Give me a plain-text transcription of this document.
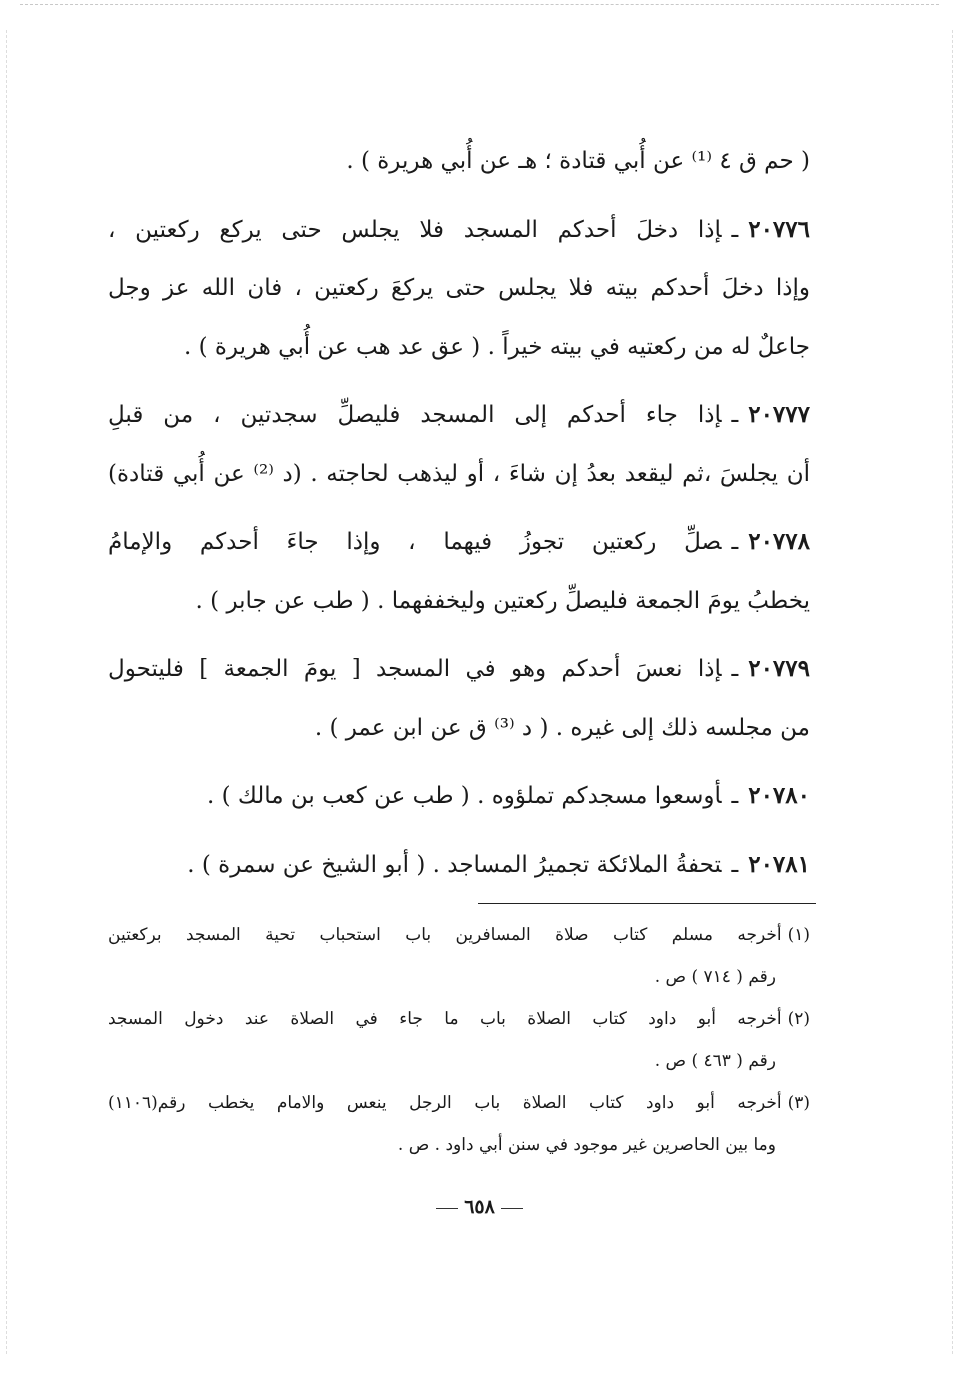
( حم ق ٤ ⁽¹⁾ عن أُبي قتادة ؛ هـ عن أُبي هريرة ) .
٢٠٧٧٦ـإذا دخلَ أحدكم المسجد فلا يجلس حتى يركع ركعتين ،
وإذا دخلَ أحدكم بيته فلا يجلس حتى يركعَ ركعتين ، فان الله عز وجل
جاعلٌ له من ركعتيه في بيته خيراً . ( عق عد هب عن أُبي هريرة ) .
٢٠٧٧٧ـإذا جاء أحدكم إلى المسجد فليصلِّ سجدتين ، من قبلِ
أن يجلسَ ،ثم ليقعد بعدُ إن شاءَ ، أو ليذهب لحاجته . (د ⁽²⁾ عن أُبي قتادة)
٢٠٧٧٨ـصلِّ ركعتين تجوزُ فيهما ، وإذا جاءَ أحدكم والإمامُ
يخطبُ يومَ الجمعة فليصلِّ ركعتين وليخففهما . ( طب عن جابر ) .
٢٠٧٧٩ـإذا نعسَ أحدكم وهو في المسجد [ يومَ الجمعة ] فليتحول
من مجلسه ذلك إلى غيره . ( د ⁽³⁾ ق عن ابن عمر ) .
٢٠٧٨٠ـأوسعوا مسجدكم تملؤوه . ( طب عن كعب بن مالك ) .
٢٠٧٨١ـتحفةُ الملائكة تجميرُ المساجد . ( أبو الشيخ عن سمرة ) .
(١)أخرجه مسلم كتاب صلاة المسافرين باب استحباب تحية المسجد بركعتين
رقم ( ٧١٤ ) ص .
(٢)أخرجه أبو داود كتاب الصلاة باب ما جاء في الصلاة عند دخول المسجد
رقم ( ٤٦٣ ) ص .
(٣)أخرجه أبو داود كتاب الصلاة باب الرجل ينعس والامام يخطب رقم(١١٠٦)
وما بين الحاصرين غير موجود في سنن أبي داود . ص .
٦٥٨
